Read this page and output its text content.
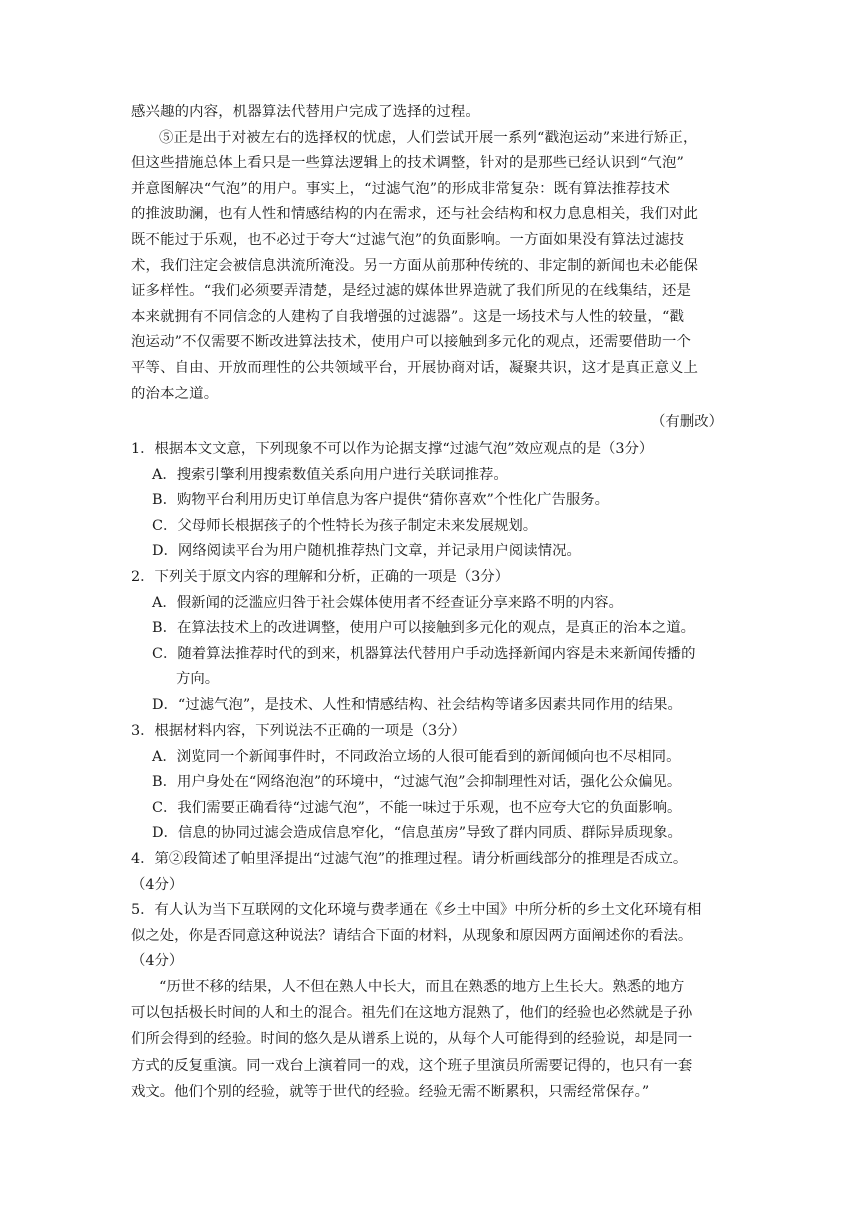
感兴趣的内容，机器算法代替用户完成了选择的过程。
⑤正是出于对被左右的选择权的忧虑，人们尝试开展一系列“戳泡运动”来进行矫正，
但这些措施总体上看只是一些算法逻辑上的技术调整，针对的是那些已经认识到“气泡”
并意图解决“气泡”的用户。事实上，“过滤气泡”的形成非常复杂：既有算法推荐技术
的推波助澜，也有人性和情感结构的内在需求，还与社会结构和权力息息相关，我们对此
既不能过于乐观，也不必过于夸大“过滤气泡”的负面影响。一方面如果没有算法过滤技
术，我们注定会被信息洪流所淹没。另一方面从前那种传统的、非定制的新闻也未必能保
证多样性。“我们必须要弄清楚，是经过滤的媒体世界造就了我们所见的在线集结，还是
本来就拥有不同信念的人建构了自我增强的过滤器”。这是一场技术与人性的较量，“戳
泡运动”不仅需要不断改进算法技术，使用户可以接触到多元化的观点，还需要借助一个
平等、自由、开放而理性的公共领域平台，开展协商对话，凝聚共识，这才是真正意义上
的治本之道。
（有删改）
1．根据本文文意，下列现象不可以作为论据支撑“过滤气泡”效应观点的是（3分）
A．搜索引擎利用搜索数值关系向用户进行关联词推荐。
B．购物平台利用历史订单信息为客户提供“猜你喜欢”个性化广告服务。
C．父母师长根据孩子的个性特长为孩子制定未来发展规划。
D．网络阅读平台为用户随机推荐热门文章，并记录用户阅读情况。
2．下列关于原文内容的理解和分析，正确的一项是（3分）
A．假新闻的泛滥应归咎于社会媒体使用者不经查证分享来路不明的内容。
B．在算法技术上的改进调整，使用户可以接触到多元化的观点，是真正的治本之道。
C．随着算法推荐时代的到来，机器算法代替用户手动选择新闻内容是未来新闻传播的
方向。
D．“过滤气泡”，是技术、人性和情感结构、社会结构等诸多因素共同作用的结果。
3．根据材料内容，下列说法不正确的一项是（3分）
A．浏览同一个新闻事件时，不同政治立场的人很可能看到的新闻倾向也不尽相同。
B．用户身处在“网络泡泡”的环境中，“过滤气泡”会抑制理性对话，强化公众偏见。
C．我们需要正确看待“过滤气泡”，不能一味过于乐观，也不应夸大它的负面影响。
D．信息的协同过滤会造成信息窄化，“信息茧房”导致了群内同质、群际异质现象。
4．第②段简述了帕里泽提出“过滤气泡”的推理过程。请分析画线部分的推理是否成立。
（4分）
5．有人认为当下互联网的文化环境与费孝通在《乡土中国》中所分析的乡土文化环境有相
似之处，你是否同意这种说法？请结合下面的材料，从现象和原因两方面阐述你的看法。
（4分）
“历世不移的结果，人不但在熟人中长大，而且在熟悉的地方上生长大。熟悉的地方
可以包括极长时间的人和土的混合。祖先们在这地方混熟了，他们的经验也必然就是子孙
们所会得到的经验。时间的悠久是从谱系上说的，从每个人可能得到的经验说，却是同一
方式的反复重演。同一戏台上演着同一的戏，这个班子里演员所需要记得的，也只有一套
戏文。他们个别的经验，就等于世代的经验。经验无需不断累积，只需经常保存。”
